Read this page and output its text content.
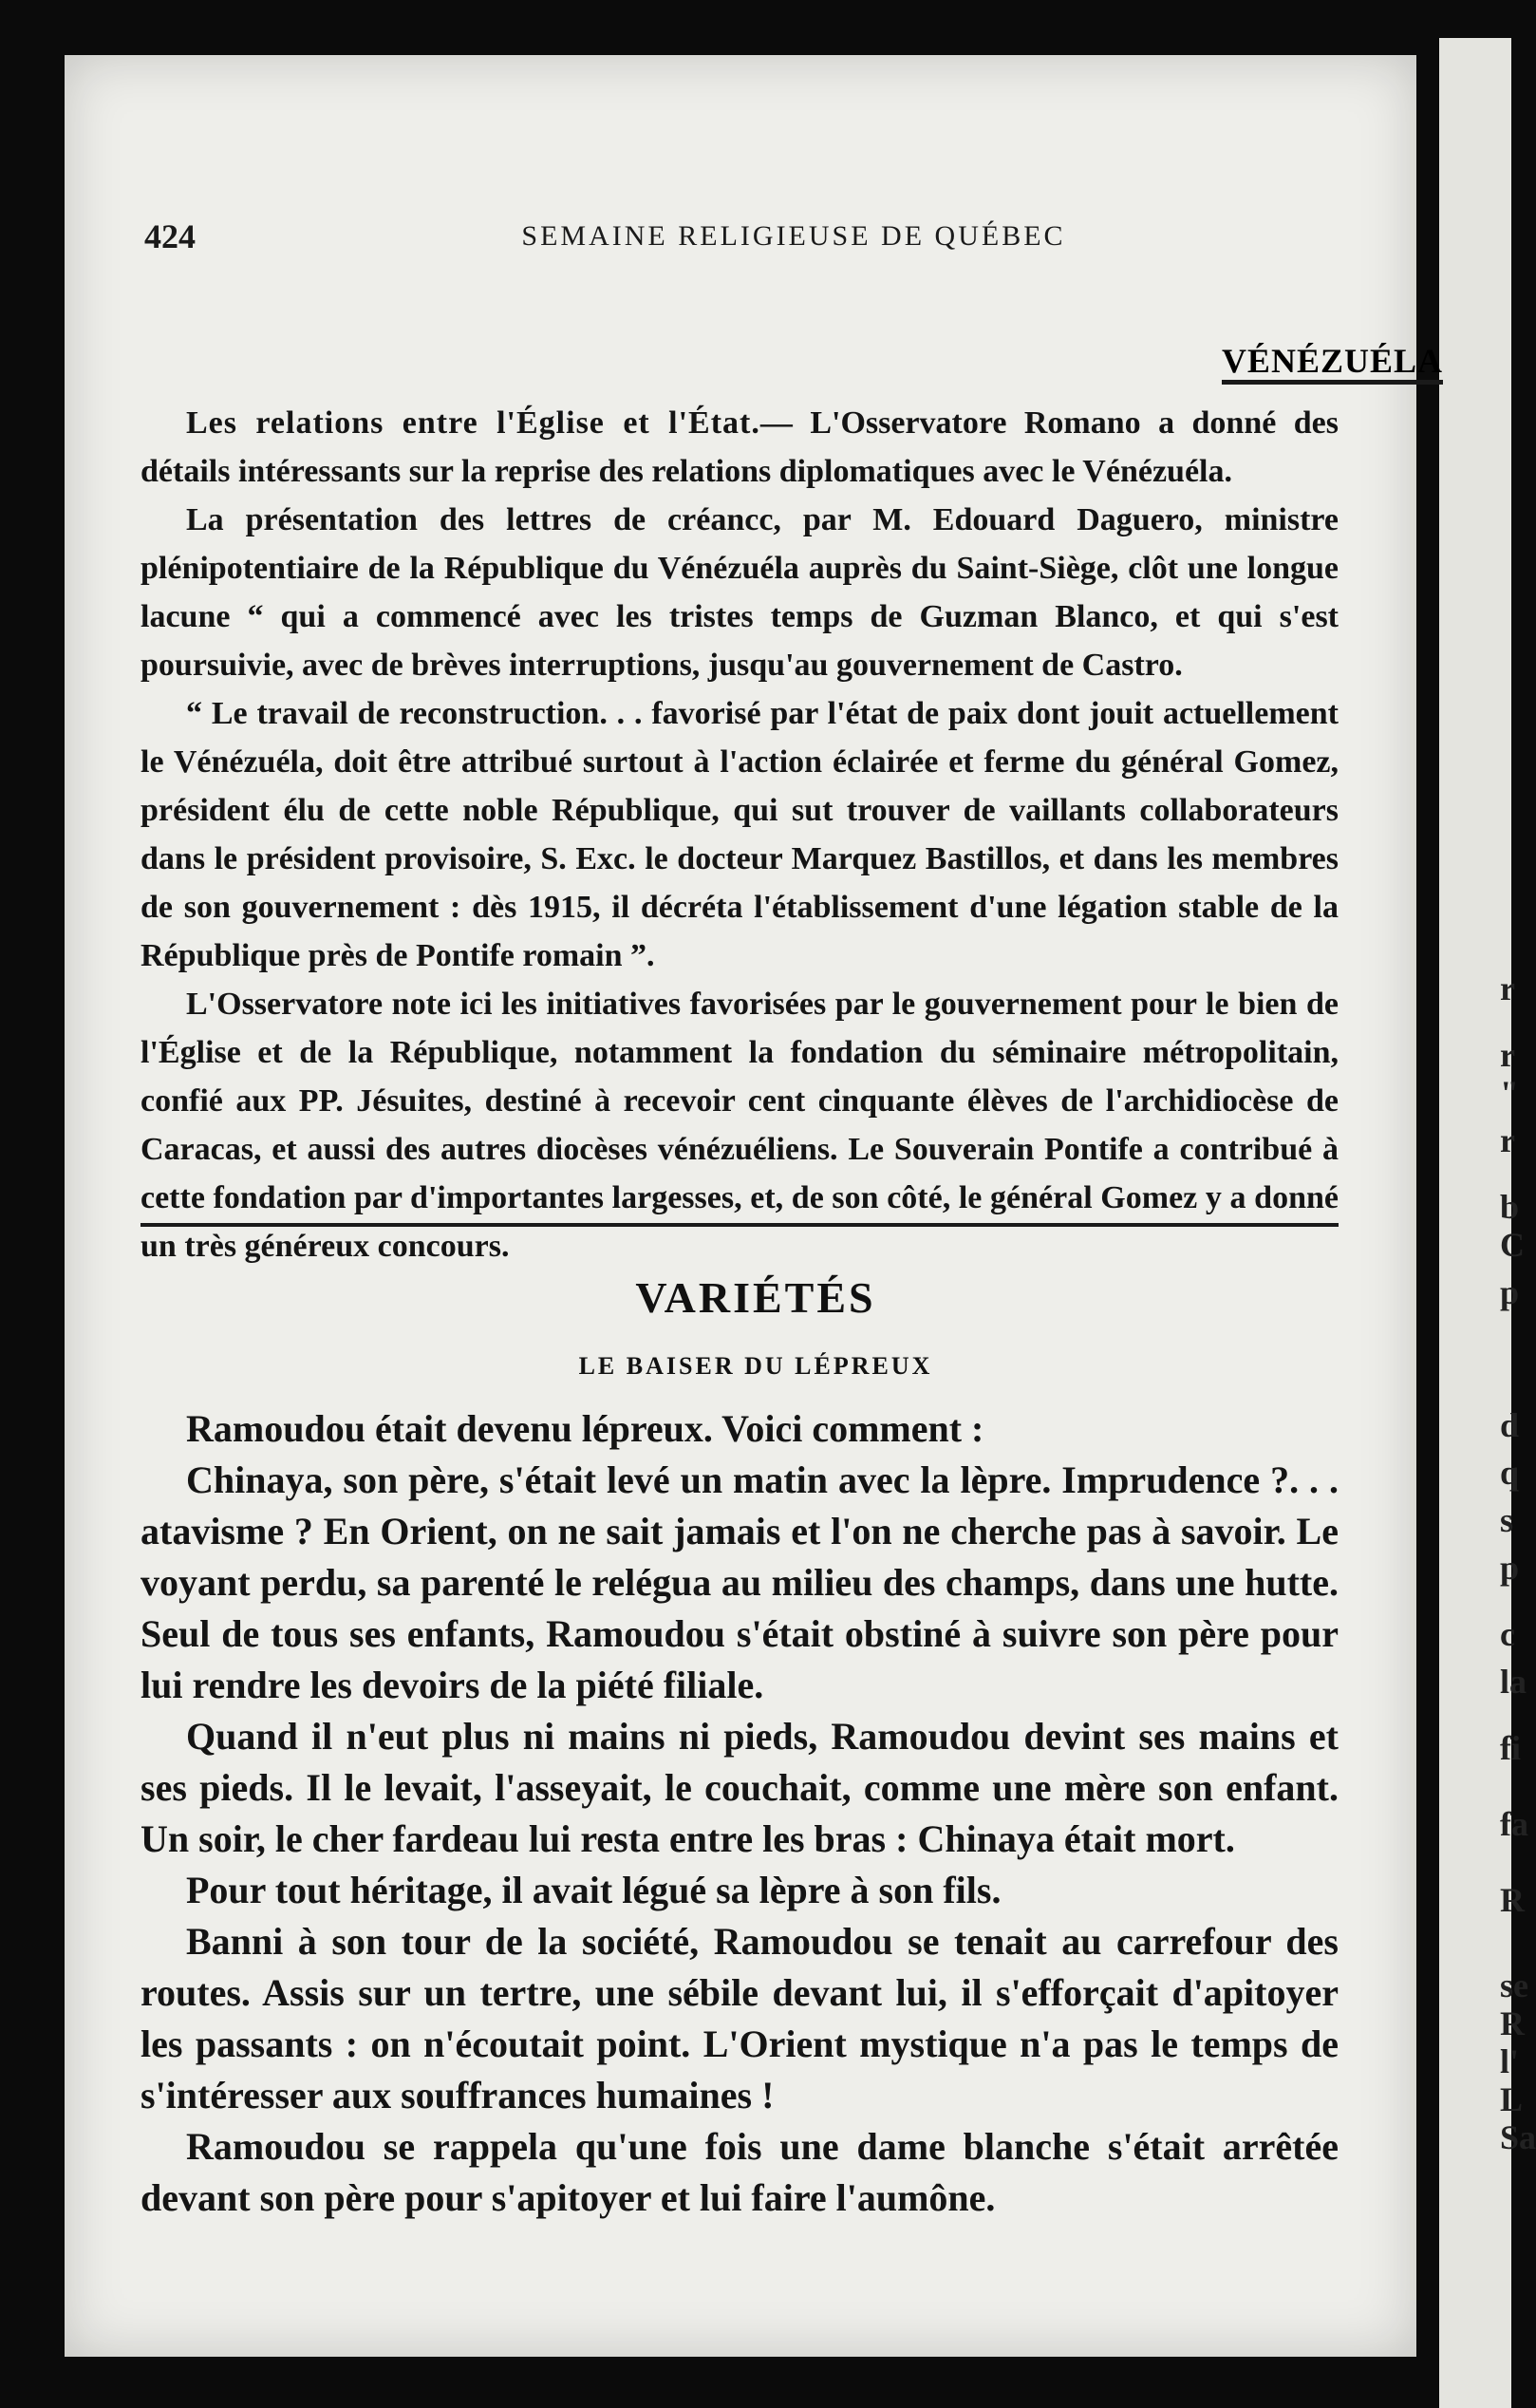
r
r
"
r
b
C
p
d
q
s
p
c
la
fi
fa
R
se
R
l'
L
Sa
424	SEMAINE RELIGIEUSE DE QUÉBEC
VÉNÉZUÉLA

Les relations entre l'Église et l'État.— L'Osservatore Romano a donné des détails intéressants sur la reprise des relations diplomatiques avec le Vénézuéla.

La présentation des lettres de créancc, par M. Edouard Daguero, ministre plénipotentiaire de la République du Vénézuéla auprès du Saint-Siège, clôt une longue lacune “ qui a commencé avec les tristes temps de Guzman Blanco, et qui s'est poursuivie, avec de brèves interruptions, jusqu'au gouvernement de Castro.

“ Le travail de reconstruction. . . favorisé par l'état de paix dont jouit actuellement le Vénézuéla, doit être attribué surtout à l'action éclairée et ferme du général Gomez, président élu de cette noble République, qui sut trouver de vaillants collaborateurs dans le président provisoire, S. Exc. le docteur Marquez Bastillos, et dans les membres de son gouvernement : dès 1915, il décréta l'établissement d'une légation stable de la République près de Pontife romain ”.

L'Osservatore note ici les initiatives favorisées par le gouvernement pour le bien de l'Église et de la République, notamment la fondation du séminaire métropolitain, confié aux PP. Jésuites, destiné à recevoir cent cinquante élèves de l'archidiocèse de Caracas, et aussi des autres diocèses vénézuéliens. Le Souverain Pontife a contribué à cette fondation par d'importantes largesses, et, de son côté, le général Gomez y a donné un très généreux concours.

VARIÉTÉS
LE BAISER DU LÉPREUX

Ramoudou était devenu lépreux. Voici comment :

Chinaya, son père, s'était levé un matin avec la lèpre. Imprudence ?. . . atavisme ? En Orient, on ne sait jamais et l'on ne cherche pas à savoir. Le voyant perdu, sa parenté le relégua au milieu des champs, dans une hutte. Seul de tous ses enfants, Ramoudou s'était obstiné à suivre son père pour lui rendre les devoirs de la piété filiale.

Quand il n'eut plus ni mains ni pieds, Ramoudou devint ses mains et ses pieds. Il le levait, l'asseyait, le couchait, comme une mère son enfant. Un soir, le cher fardeau lui resta entre les bras : Chinaya était mort.

Pour tout héritage, il avait légué sa lèpre à son fils.

Banni à son tour de la société, Ramoudou se tenait au carrefour des routes. Assis sur un tertre, une sébile devant lui, il s'efforçait d'apitoyer les passants : on n'écoutait point. L'Orient mystique n'a pas le temps de s'intéresser aux souffrances humaines !

Ramoudou se rappela qu'une fois une dame blanche s'était arrêtée devant son père pour s'apitoyer et lui faire l'aumône.
